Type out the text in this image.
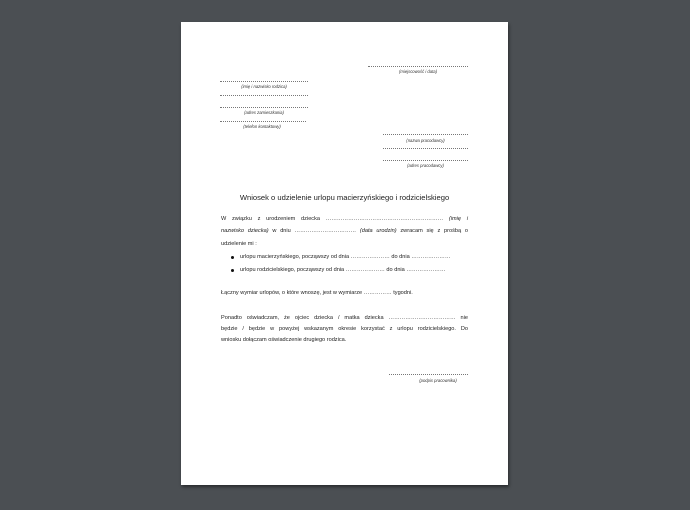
(miejscowość i data)
(imię i nazwisko rodzica)
(adres zamieszkania)
(telefon kontaktowy)
(nazwa pracodawcy)
(adres pracodawcy)
Wniosek o udzielenie urlopu macierzyńskiego i rodzicielskiego
W związku z urodzeniem dziecka ……………………………………………………… (imię i
nazwisko dziecka) w dniu …………………………… (data urodzin) zwracam się z prośbą o
udzielenie mi :
urlopu macierzyńskiego, począwszy od dnia ………………… do dnia …………………
urlopu rodzicielskiego, począwszy od dnia ………………… do dnia …………………
Łączny wymiar urlopów, o które wnoszę, jest w wymiarze …………… tygodni.
Ponadto oświadczam, że ojciec dziecka / matka dziecka ……………………………… nie
będzie / będzie w powyżej wskazanym okresie korzystać z urlopu rodzicielskiego. Do
wniosku dołączam oświadczenie drugiego rodzica.
(podpis pracownika)
